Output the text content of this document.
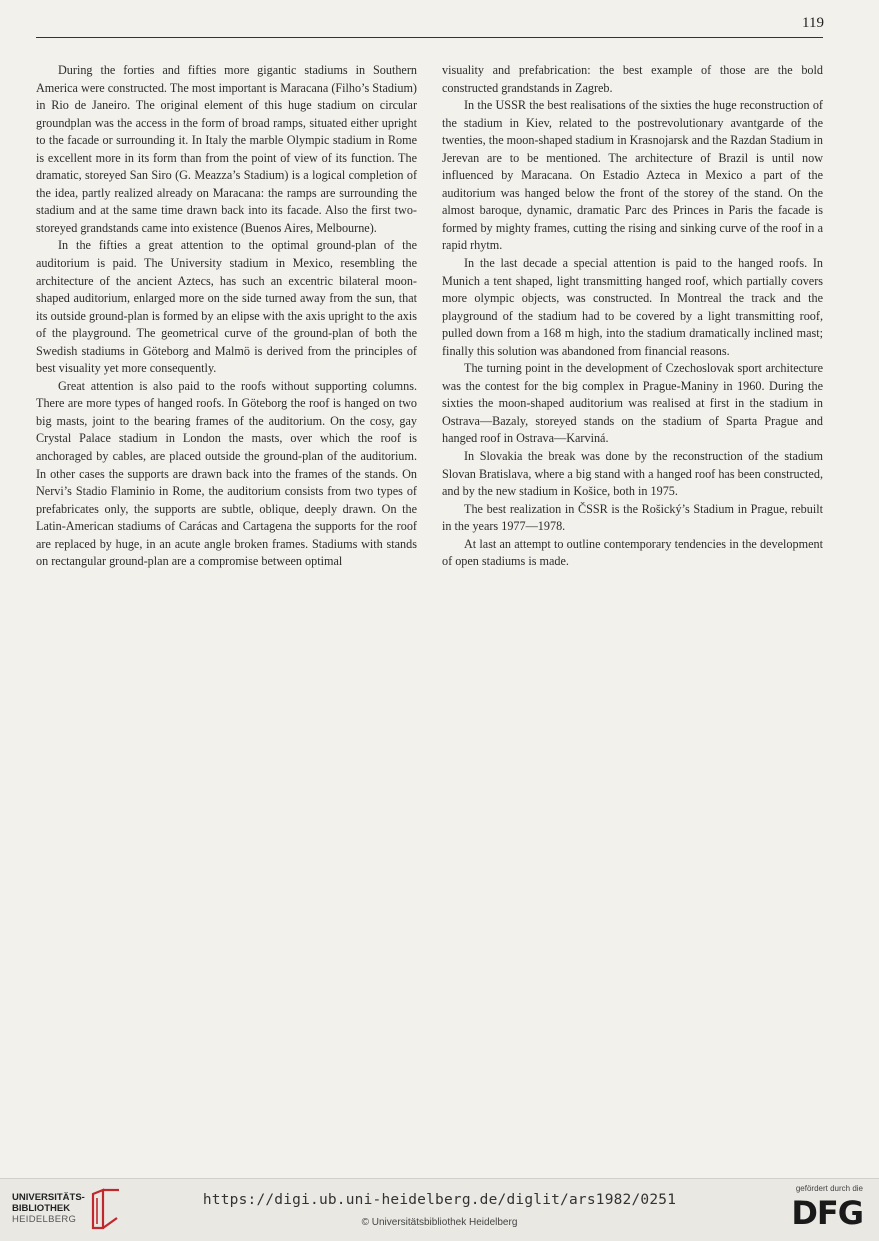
119

During the forties and fifties more gigantic stadiums in Southern America were constructed. The most important is Maracana (Filho’s Stadium) in Rio de Janeiro. The original element of this huge stadium on circular groundplan was the access in the form of broad ramps, situated either upright to the facade or surrounding it. In Italy the marble Olympic stadium in Rome is excellent more in its form than from the point of view of its function. The dramatic, storeyed San Siro (G. Meazza’s Stadium) is a logical completion of the idea, partly realized already on Maracana: the ramps are surrounding the stadium and at the same time drawn back into its facade. Also the first two-storeyed grandstands came into existence (Buenos Aires, Melbourne).

In the fifties a great attention to the optimal ground-plan of the auditorium is paid. The University stadium in Mexico, resembling the architecture of the ancient Aztecs, has such an excentric bilateral moon-shaped auditorium, enlarged more on the side turned away from the sun, that its outside ground-plan is formed by an elipse with the axis upright to the axis of the playground. The geometrical curve of the ground-plan of both the Swedish stadiums in Göteborg and Malmö is derived from the principles of best visuality yet more consequently.

Great attention is also paid to the roofs without supporting columns. There are more types of hanged roofs. In Göteborg the roof is hanged on two big masts, joint to the bearing frames of the auditorium. On the cosy, gay Crystal Palace stadium in London the masts, over which the roof is anchoraged by cables, are placed outside the ground-plan of the auditorium. In other cases the supports are drawn back into the frames of the stands. On Nervi’s Stadio Flaminio in Rome, the auditorium consists from two types of prefabricates only, the supports are subtle, oblique, deeply drawn. On the Latin-American stadiums of Carácas and Cartagena the supports for the roof are replaced by huge, in an acute angle broken frames. Stadiums with stands on rectangular ground-plan are a compromise between optimal

visuality and prefabrication: the best example of those are the bold constructed grandstands in Zagreb.

In the USSR the best realisations of the sixties the huge reconstruction of the stadium in Kiev, related to the postrevolutionary avantgarde of the twenties, the moon-shaped stadium in Krasnojarsk and the Razdan Stadium in Jerevan are to be mentioned. The architecture of Brazil is until now influenced by Maracana. On Estadio Azteca in Mexico a part of the auditorium was hanged below the front of the storey of the stand. On the almost baroque, dynamic, dramatic Parc des Princes in Paris the facade is formed by mighty frames, cutting the rising and sinking curve of the roof in a rapid rhytm.

In the last decade a special attention is paid to the hanged roofs. In Munich a tent shaped, light transmitting hanged roof, which partially covers more olympic objects, was constructed. In Montreal the track and the playground of the stadium had to be covered by a light transmitting roof, pulled down from a 168 m high, into the stadium dramatically inclined mast; finally this solution was abandoned from financial reasons.

The turning point in the development of Czechoslovak sport architecture was the contest for the big complex in Prague-Maniny in 1960. During the sixties the moon-shaped auditorium was realised at first in the stadium in Ostrava—Bazaly, storeyed stands on the stadium of Sparta Prague and hanged roof in Ostrava—Karviná.

In Slovakia the break was done by the reconstruction of the stadium Slovan Bratislava, where a big stand with a hanged roof has been constructed, and by the new stadium in Košice, both in 1975.

The best realization in ČSSR is the Rošický’s Stadium in Prague, rebuilt in the years 1977—1978.

At last an attempt to outline contemporary tendencies in the development of open stadiums is made.

UNIVERSITÄTS-
BIBLIOTHEK
HEIDELBERG
https://digi.ub.uni-heidelberg.de/diglit/ars1982/0251
© Universitätsbibliothek Heidelberg
gefördert durch die
DFG
